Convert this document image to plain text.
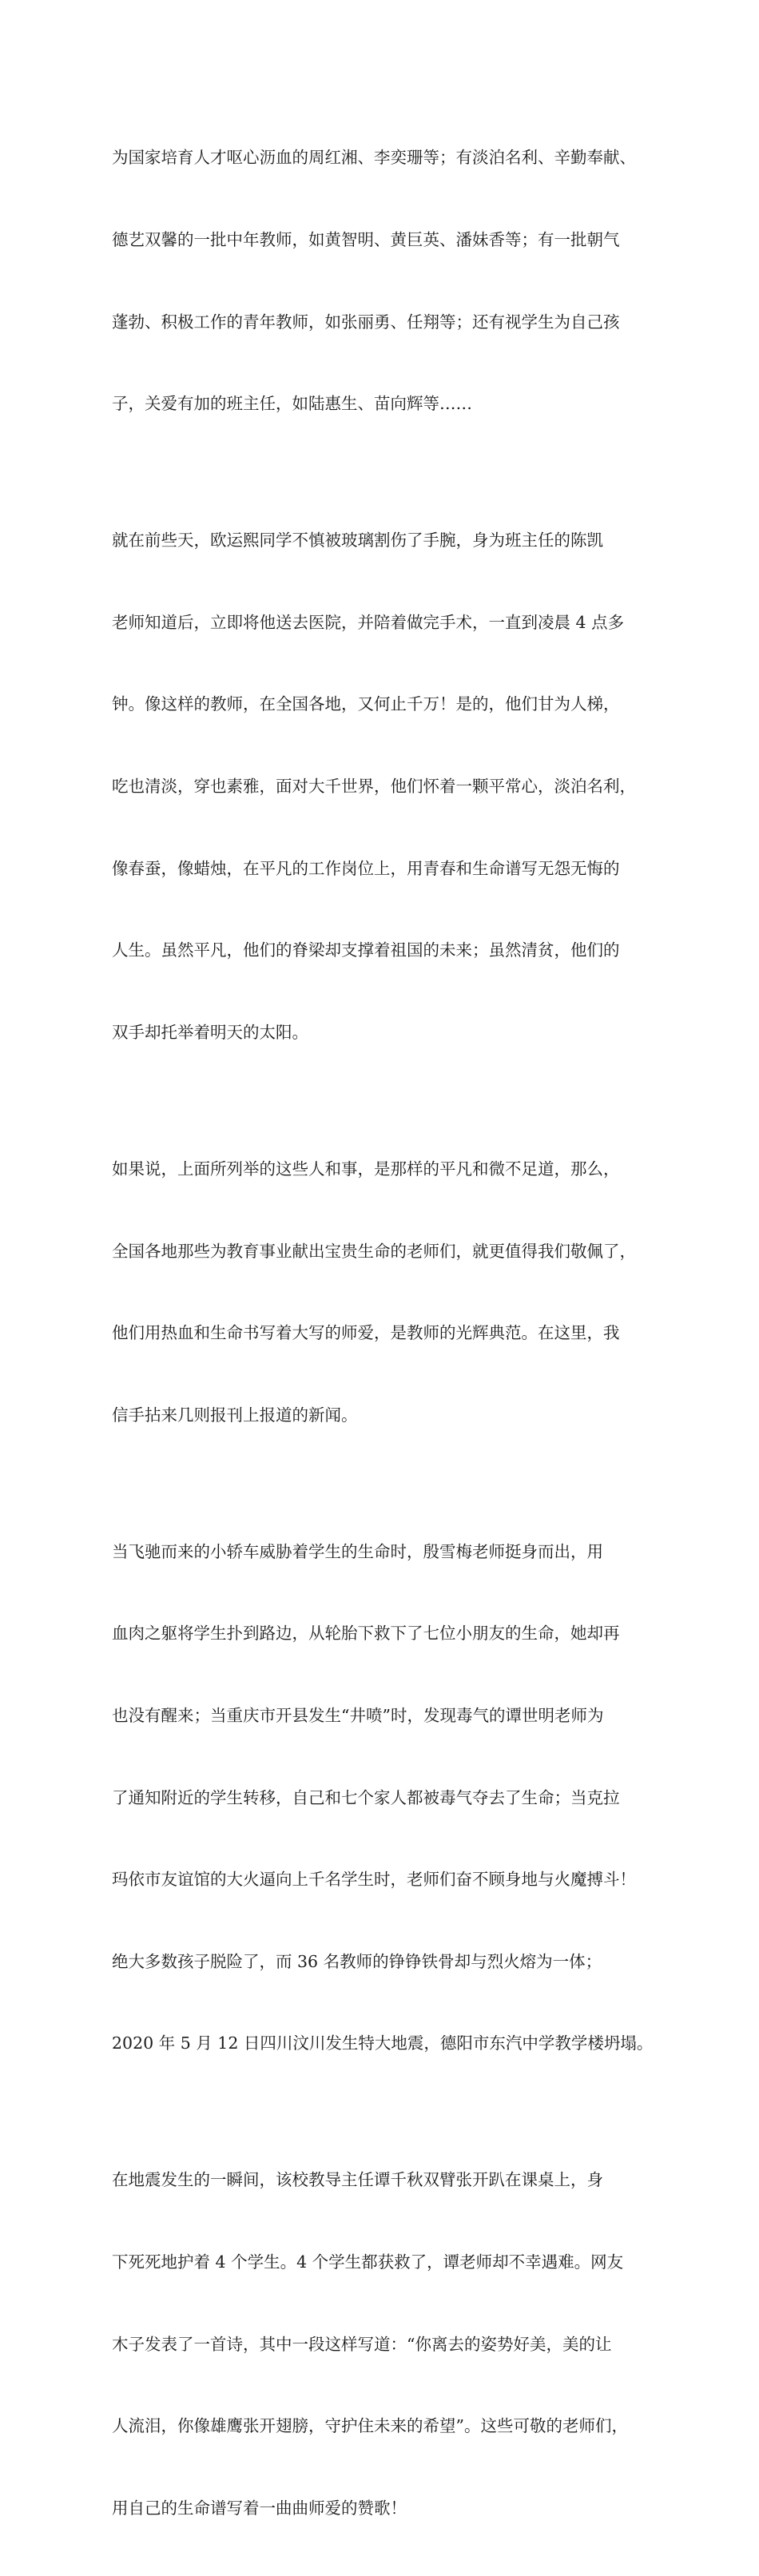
为国家培育人才呕心沥血的周红湘、李奕珊等；有淡泊名利、辛勤奉献、

德艺双馨的一批中年教师，如黄智明、黄巨英、潘妹香等；有一批朝气

蓬勃、积极工作的青年教师，如张丽勇、任翔等；还有视学生为自己孩

子，关爱有加的班主任，如陆惠生、苗向辉等……

就在前些天，欧运熙同学不慎被玻璃割伤了手腕，身为班主任的陈凯

老师知道后，立即将他送去医院，并陪着做完手术，一直到凌晨 4 点多

钟。像这样的教师，在全国各地，又何止千万！是的，他们甘为人梯，

吃也清淡，穿也素雅，面对大千世界，他们怀着一颗平常心，淡泊名利，

像春蚕，像蜡烛，在平凡的工作岗位上，用青春和生命谱写无怨无悔的

人生。虽然平凡，他们的脊梁却支撑着祖国的未来；虽然清贫，他们的

双手却托举着明天的太阳。

如果说，上面所列举的这些人和事，是那样的平凡和微不足道，那么，

全国各地那些为教育事业献出宝贵生命的老师们，就更值得我们敬佩了，

他们用热血和生命书写着大写的师爱，是教师的光辉典范。在这里，我

信手拈来几则报刊上报道的新闻。

当飞驰而来的小轿车威胁着学生的生命时，殷雪梅老师挺身而出，用

血肉之躯将学生扑到路边，从轮胎下救下了七位小朋友的生命，她却再

也没有醒来；当重庆市开县发生“井喷”时，发现毒气的谭世明老师为

了通知附近的学生转移，自己和七个家人都被毒气夺去了生命；当克拉

玛依市友谊馆的大火逼向上千名学生时，老师们奋不顾身地与火魔搏斗！

绝大多数孩子脱险了，而 36 名教师的铮铮铁骨却与烈火熔为一体；

2020 年 5 月 12 日四川汶川发生特大地震，德阳市东汽中学教学楼坍塌。

在地震发生的一瞬间，该校教导主任谭千秋双臂张开趴在课桌上，身

下死死地护着 4 个学生。4 个学生都获救了，谭老师却不幸遇难。网友

木子发表了一首诗，其中一段这样写道：“你离去的姿势好美，美的让

人流泪，你像雄鹰张开翅膀，守护住未来的希望”。这些可敬的老师们，

用自己的生命谱写着一曲曲师爱的赞歌！
